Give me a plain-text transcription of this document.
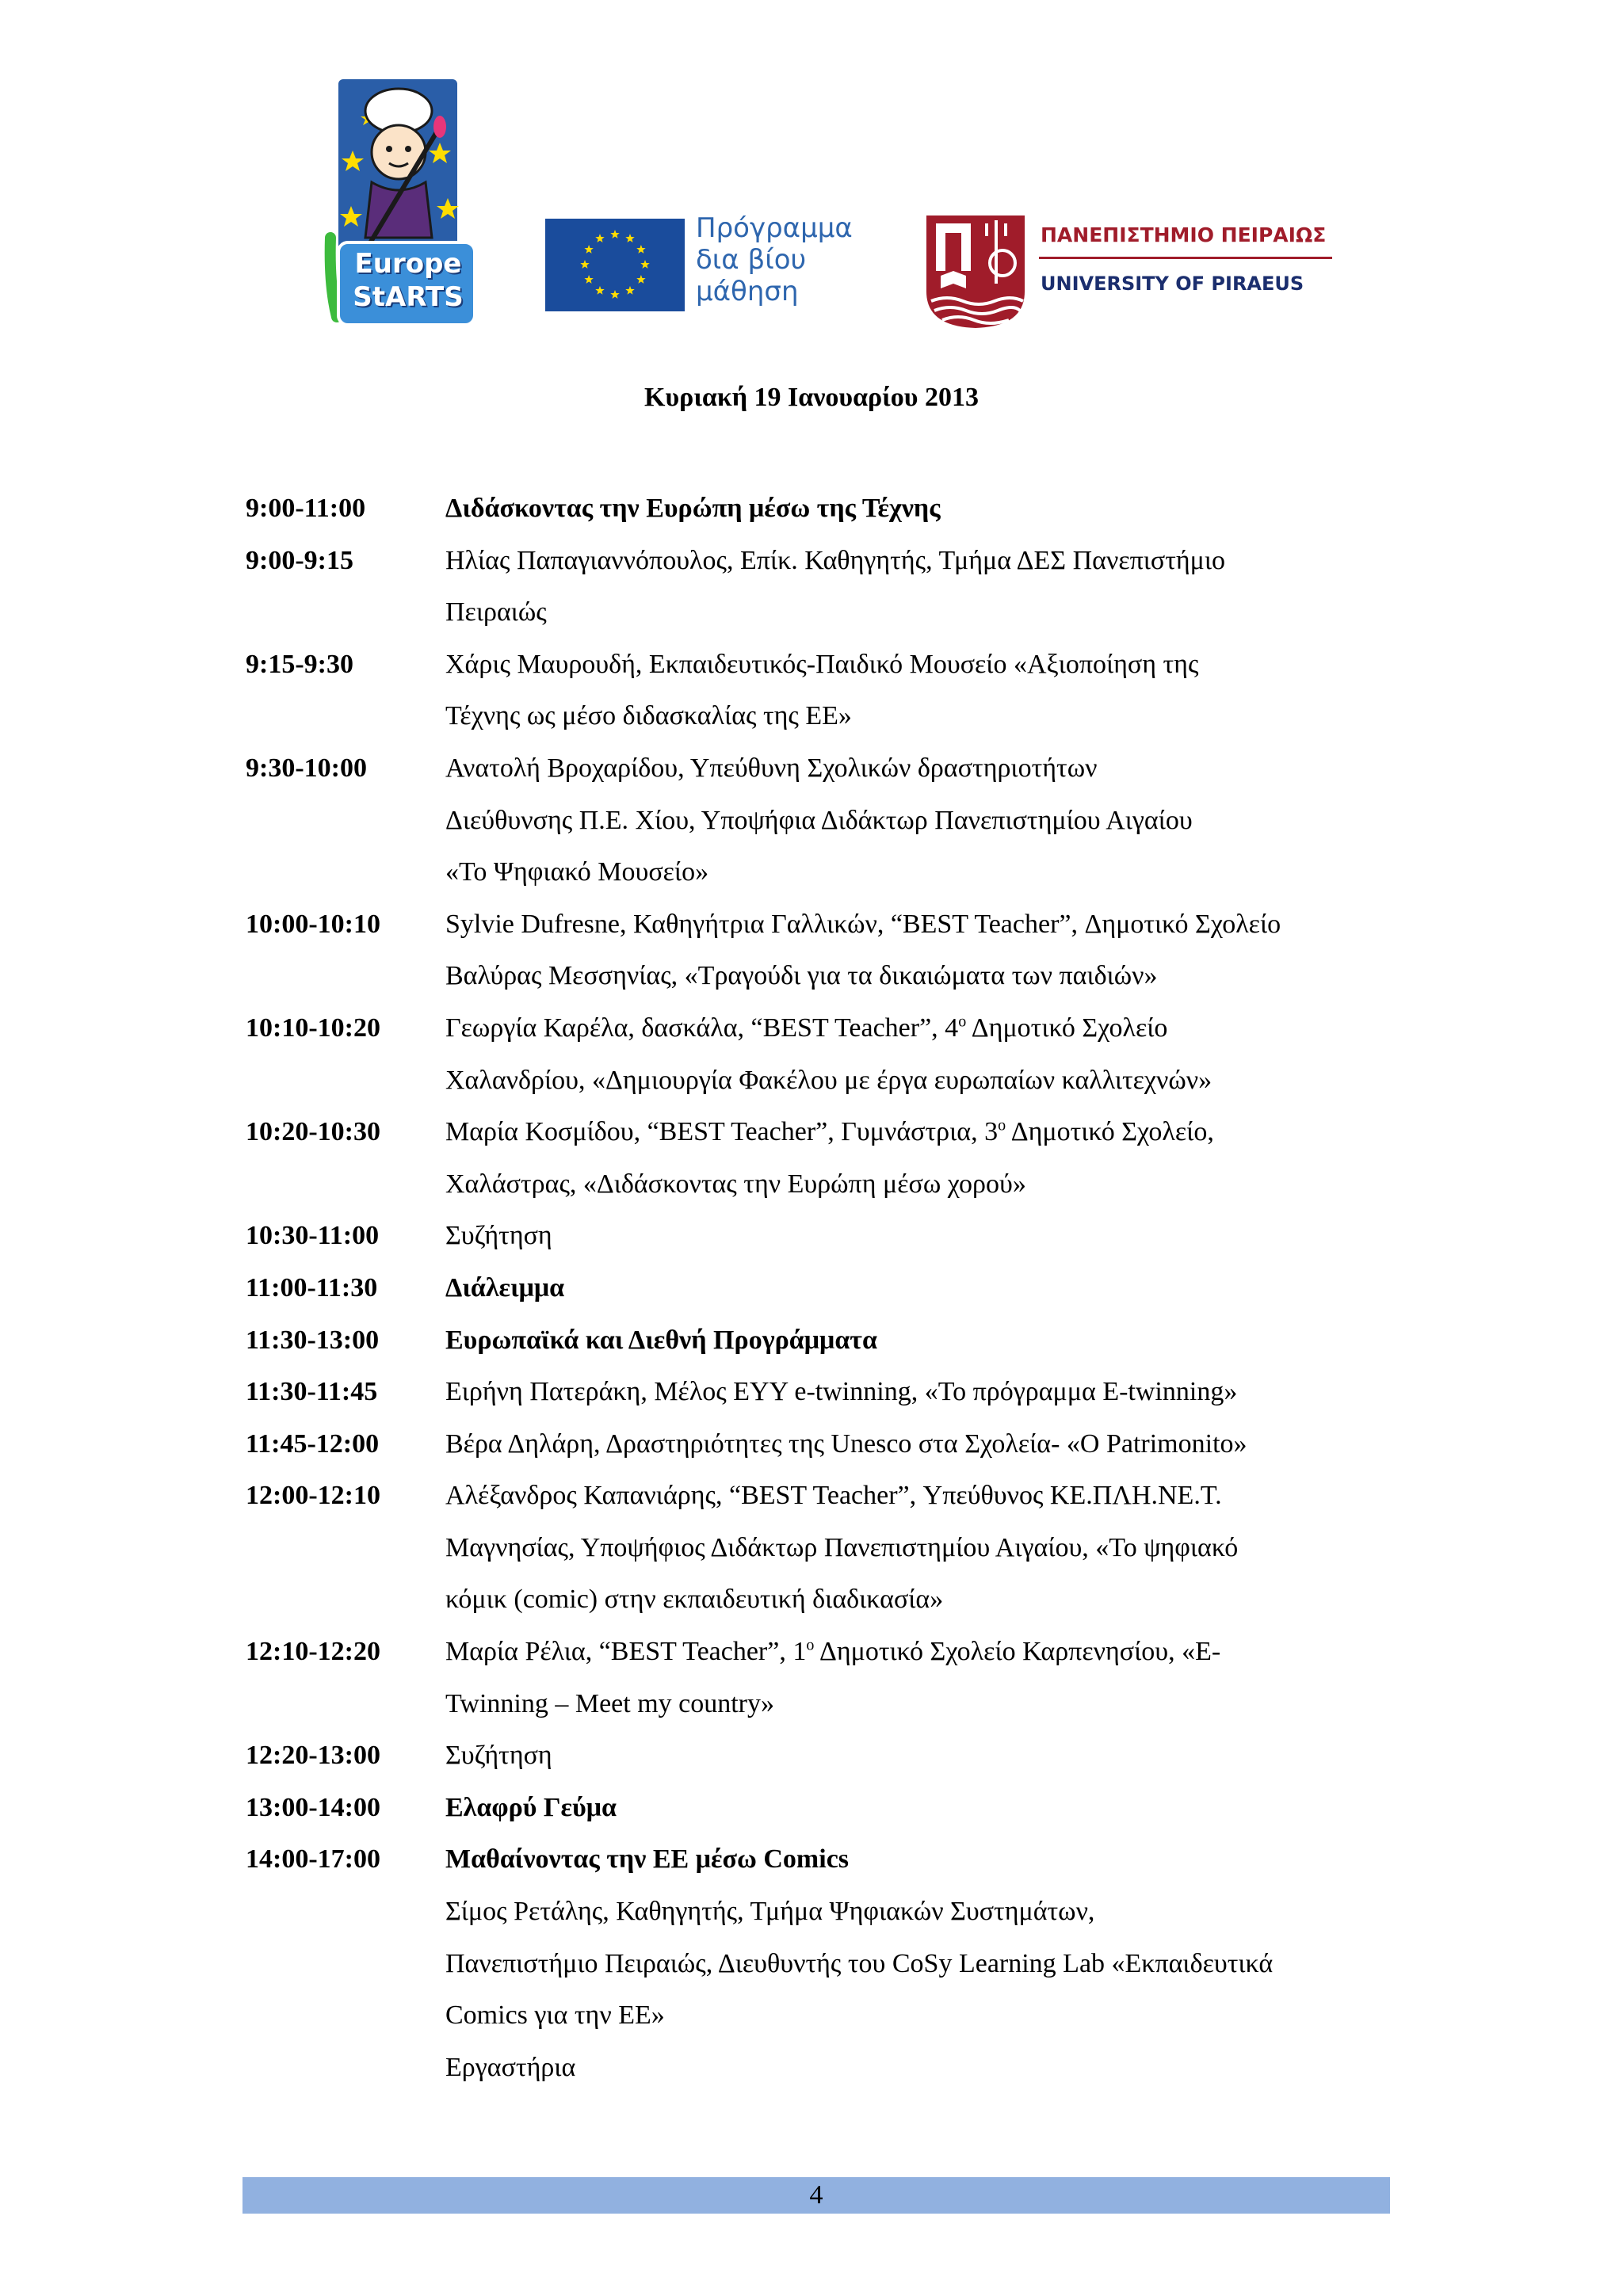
Europe
StARTS
Πρόγραμμα
δια βίου
μάθηση
ΠΑΝΕΠΙΣΤΗΜΙΟ ΠΕΙΡΑΙΩΣ
UNIVERSITY OF PIRAEUS
Κυριακή 19 Ιανουαρίου 2013
9:00-11:00	Διδάσκοντας την Ευρώπη μέσω της Τέχνης
9:00-9:15	Ηλίας Παπαγιαννόπουλος, Επίκ. Καθηγητής, Τμήμα ΔΕΣ Πανεπιστήμιο
Πειραιώς
9:15-9:30	Χάρις Μαυρουδή, Εκπαιδευτικός-Παιδικό Μουσείο «Αξιοποίηση της
Τέχνης ως μέσο διδασκαλίας της ΕΕ»
9:30-10:00	Ανατολή Βροχαρίδου, Υπεύθυνη Σχολικών δραστηριοτήτων
Διεύθυνσης Π.Ε. Χίου, Υποψήφια Διδάκτωρ Πανεπιστημίου Αιγαίου
«Το Ψηφιακό Μουσείο»
10:00-10:10	Sylvie Dufresne, Καθηγήτρια Γαλλικών, “BEST Teacher”, Δημοτικό Σχολείο
Βαλύρας Μεσσηνίας, «Τραγούδι για τα δικαιώματα των παιδιών»
10:10-10:20	Γεωργία Καρέλα, δασκάλα, “BEST Teacher”, $4^o$ Δημοτικό Σχολείο
Χαλανδρίου, «Δημιουργία Φακέλου με έργα ευρωπαίων καλλιτεχνών»
10:20-10:30	Μαρία Κοσμίδου, “BEST Teacher”, Γυμνάστρια, $3^o$ Δημοτικό Σχολείο,
Χαλάστρας, «Διδάσκοντας την Ευρώπη μέσω χορού»
10:30-11:00	Συζήτηση
11:00-11:30	Διάλειμμα
11:30-13:00	Ευρωπαϊκά και Διεθνή Προγράμματα
11:30-11:45	Ειρήνη Πατεράκη, Μέλος ΕΥΥ e-twinning, «Το πρόγραμμα E-twinning»
11:45-12:00	Βέρα Δηλάρη, Δραστηριότητες της Unesco στα Σχολεία- «O Patrimonito»
12:00-12:10	Αλέξανδρος Καπανιάρης, “BEST Teacher”, Υπεύθυνος ΚΕ.ΠΛΗ.ΝΕ.Τ.
Μαγνησίας, Υποψήφιος Διδάκτωρ Πανεπιστημίου Αιγαίου, «Το ψηφιακό
κόμικ (comic) στην εκπαιδευτική διαδικασία»
12:10-12:20	Μαρία Ρέλια, “BEST Teacher”, $1^o$ Δημοτικό Σχολείο Καρπενησίου, «E-
Twinning – Meet my country»
12:20-13:00	Συζήτηση
13:00-14:00	Ελαφρύ Γεύμα
14:00-17:00	Μαθαίνοντας την ΕΕ μέσω Comics
Σίμος Ρετάλης, Καθηγητής, Τμήμα Ψηφιακών Συστημάτων,
Πανεπιστήμιο Πειραιώς, Διευθυντής του CoSy Learning Lab «Εκπαιδευτικά
Comics για την ΕΕ»
Εργαστήρια
4
